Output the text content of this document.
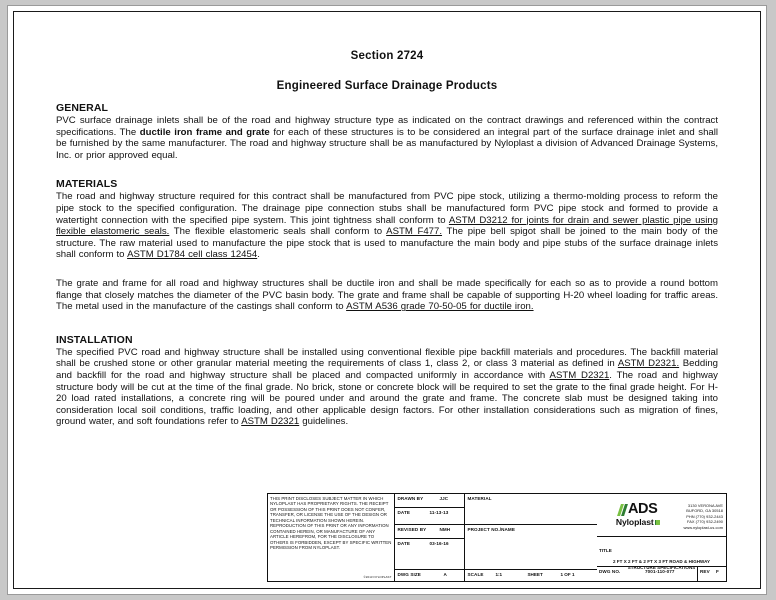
Section 2724
Engineered Surface Drainage Products
GENERAL

PVC surface drainage inlets shall be of the road and highway structure type as indicated on the contract drawings and referenced within the contract specifications. The ductile iron frame and grate for each of these structures is to be considered an integral part of the surface drainage inlet and shall be furnished by the same manufacturer. The road and highway structure shall be as manufactured by Nyloplast a division of Advanced Drainage Systems, Inc. or prior approved equal.

MATERIALS

The road and highway structure required for this contract shall be manufactured from PVC pipe stock, utilizing a thermo-molding process to reform the pipe stock to the specified configuration. The drainage pipe connection stubs shall be manufactured form PVC pipe stock and formed to provide a watertight connection with the specified pipe system. This joint tightness shall conform to ASTM D3212 for joints for drain and sewer plastic pipe using flexible elastomeric seals. The flexible elastomeric seals shall conform to ASTM F477. The pipe bell spigot shall be joined to the main body of the structure. The raw material used to manufacture the pipe stock that is used to manufacture the main body and pipe stubs of the surface drainage inlets shall conform to ASTM D1784 cell class 12454.

The grate and frame for all road and highway structures shall be ductile iron and shall be made specifically for each so as to provide a round bottom flange that closely matches the diameter of the PVC basin body. The grate and frame shall be capable of supporting H-20 wheel loading for traffic areas. The metal used in the manufacture of the castings shall conform to ASTM A536 grade 70-50-05 for ductile iron.

INSTALLATION

The specified PVC road and highway structure shall be installed using conventional flexible pipe backfill materials and procedures. The backfill material shall be crushed stone or other granular material meeting the requirements of class 1, class 2, or class 3 material as defined in ASTM D2321. Bedding and backfill for the road and highway structure shall be placed and compacted uniformly in accordance with ASTM D2321. The road and highway structure body will be cut at the time of the final grade. No brick, stone or concrete block will be required to set the grate to the final grade height. For H-20 load rated installations, a concrete ring will be poured under and around the grate and frame. The concrete slab must be designed taking into consideration local soil conditions, traffic loading, and other applicable design factors. For other installation considerations such as migration of fines, ground water, and soft foundations refer to ASTM D2321 guidelines.

THIS PRINT DISCLOSES SUBJECT MATTER IN WHICH NYLOPLAST HAS PROPRIETARY RIGHTS. THE RECEIPT OR POSSESSION OF THIS PRINT DOES NOT CONFER, TRANSFER, OR LICENSE THE USE OF THE DESIGN OR TECHNICAL INFORMATION SHOWN HEREIN. REPRODUCTION OF THIS PRINT OR ANY INFORMATION CONTAINED HEREIN, OR MANUFACTURE OF ANY ARTICLE HEREFROM, FOR THE DISCLOSURE TO OTHERS IS FORBIDDEN, EXCEPT BY SPECIFIC WRITTEN PERMISSION FROM NYLOPLAST.
©2013 NYLOPLAST
DRAWN BY	JJC
DATE	11-13-13
REVISED BY	NMH
DATE	03-16-16
MATERIAL
PROJECT NO./NAME
DWG SIZE	A	SCALE	1:1	SHEET	1 OF 1
ADS
Nyloplast
3130 VERONA AVE
BUFORD, GA 30518
PHN (770) 932-2443
FAX (770) 932-2490
www.nyloplast-us.com
TITLE
2 FT X 2 FT & 2 FT X 3 FT ROAD & HIGHWAY
STRUCTURE SPECIFICATIONS
DWG NO.	7001-110-077	REV F
